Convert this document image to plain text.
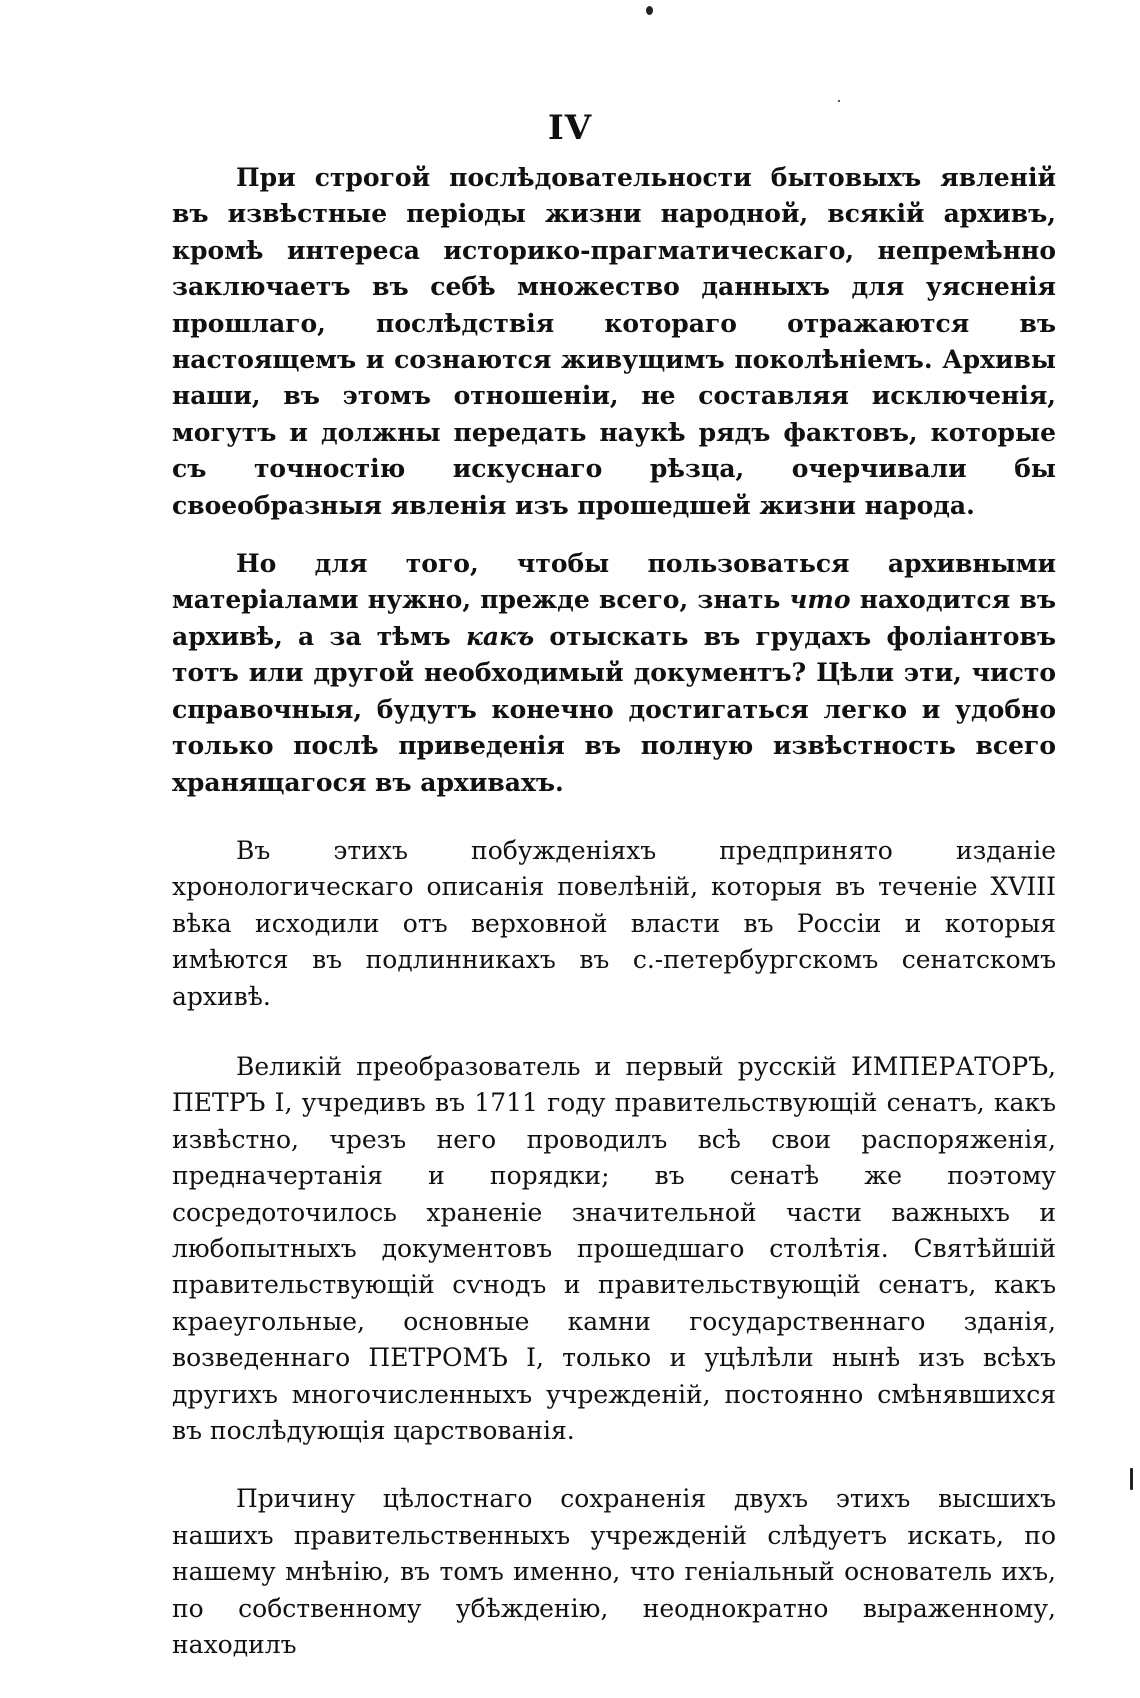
IV

При строгой послѣдовательности бытовыхъ явленій въ извѣстные періоды жизни народной, всякій архивъ, кромѣ интереса историко-прагматическаго, непремѣнно заключаетъ въ себѣ множество данныхъ для уясненія прошлаго, послѣдствія котораго отражаются въ настоящемъ и сознаются живущимъ поколѣніемъ. Архивы наши, въ этомъ отношеніи, не составляя исключенія, могутъ и должны передать наукѣ рядъ фактовъ, которые съ точностію искуснаго рѣзца, очерчивали бы своеобразныя явленія изъ прошедшей жизни народа.

Но для того, чтобы пользоваться архивными матеріалами нужно, прежде всего, знать что находится въ архивѣ, а за тѣмъ какъ отыскать въ грудахъ фоліантовъ тотъ или другой необходимый документъ? Цѣли эти, чисто справочныя, будутъ конечно достигаться легко и удобно только послѣ приведенія въ полную извѣстность всего хранящагося въ архивахъ.

Въ этихъ побужденіяхъ предпринято изданіе хронологическаго описанія повелѣній, которыя въ теченіе XVIII вѣка исходили отъ верховной власти въ Россіи и которыя имѣются въ подлинникахъ въ с.-петербургскомъ сенатскомъ архивѣ.

Великій преобразователь и первый русскій ИМПЕРАТОРЪ, ПЕТРЪ I, учредивъ въ 1711 году правительствующій сенатъ, какъ извѣстно, чрезъ него проводилъ всѣ свои распоряженія, предначертанія и порядки; въ сенатѣ же поэтому сосредоточилось храненіе значительной части важныхъ и любопытныхъ документовъ прошедшаго столѣтія. Святѣйшій правительствующій сѵнодъ и правительствующій сенатъ, какъ краеугольные, основные камни государственнаго зданія, возведеннаго ПЕТРОМЪ I, только и уцѣлѣли нынѣ изъ всѣхъ другихъ многочисленныхъ учрежденій, постоянно смѣнявшихся въ послѣдующія царствованія.

Причину цѣлостнаго сохраненія двухъ этихъ высшихъ нашихъ правительственныхъ учрежденій слѣдуетъ искать, по нашему мнѣнію, въ томъ именно, что геніальный основатель ихъ, по собственному убѣжденію, неоднократно выраженному, находилъ
